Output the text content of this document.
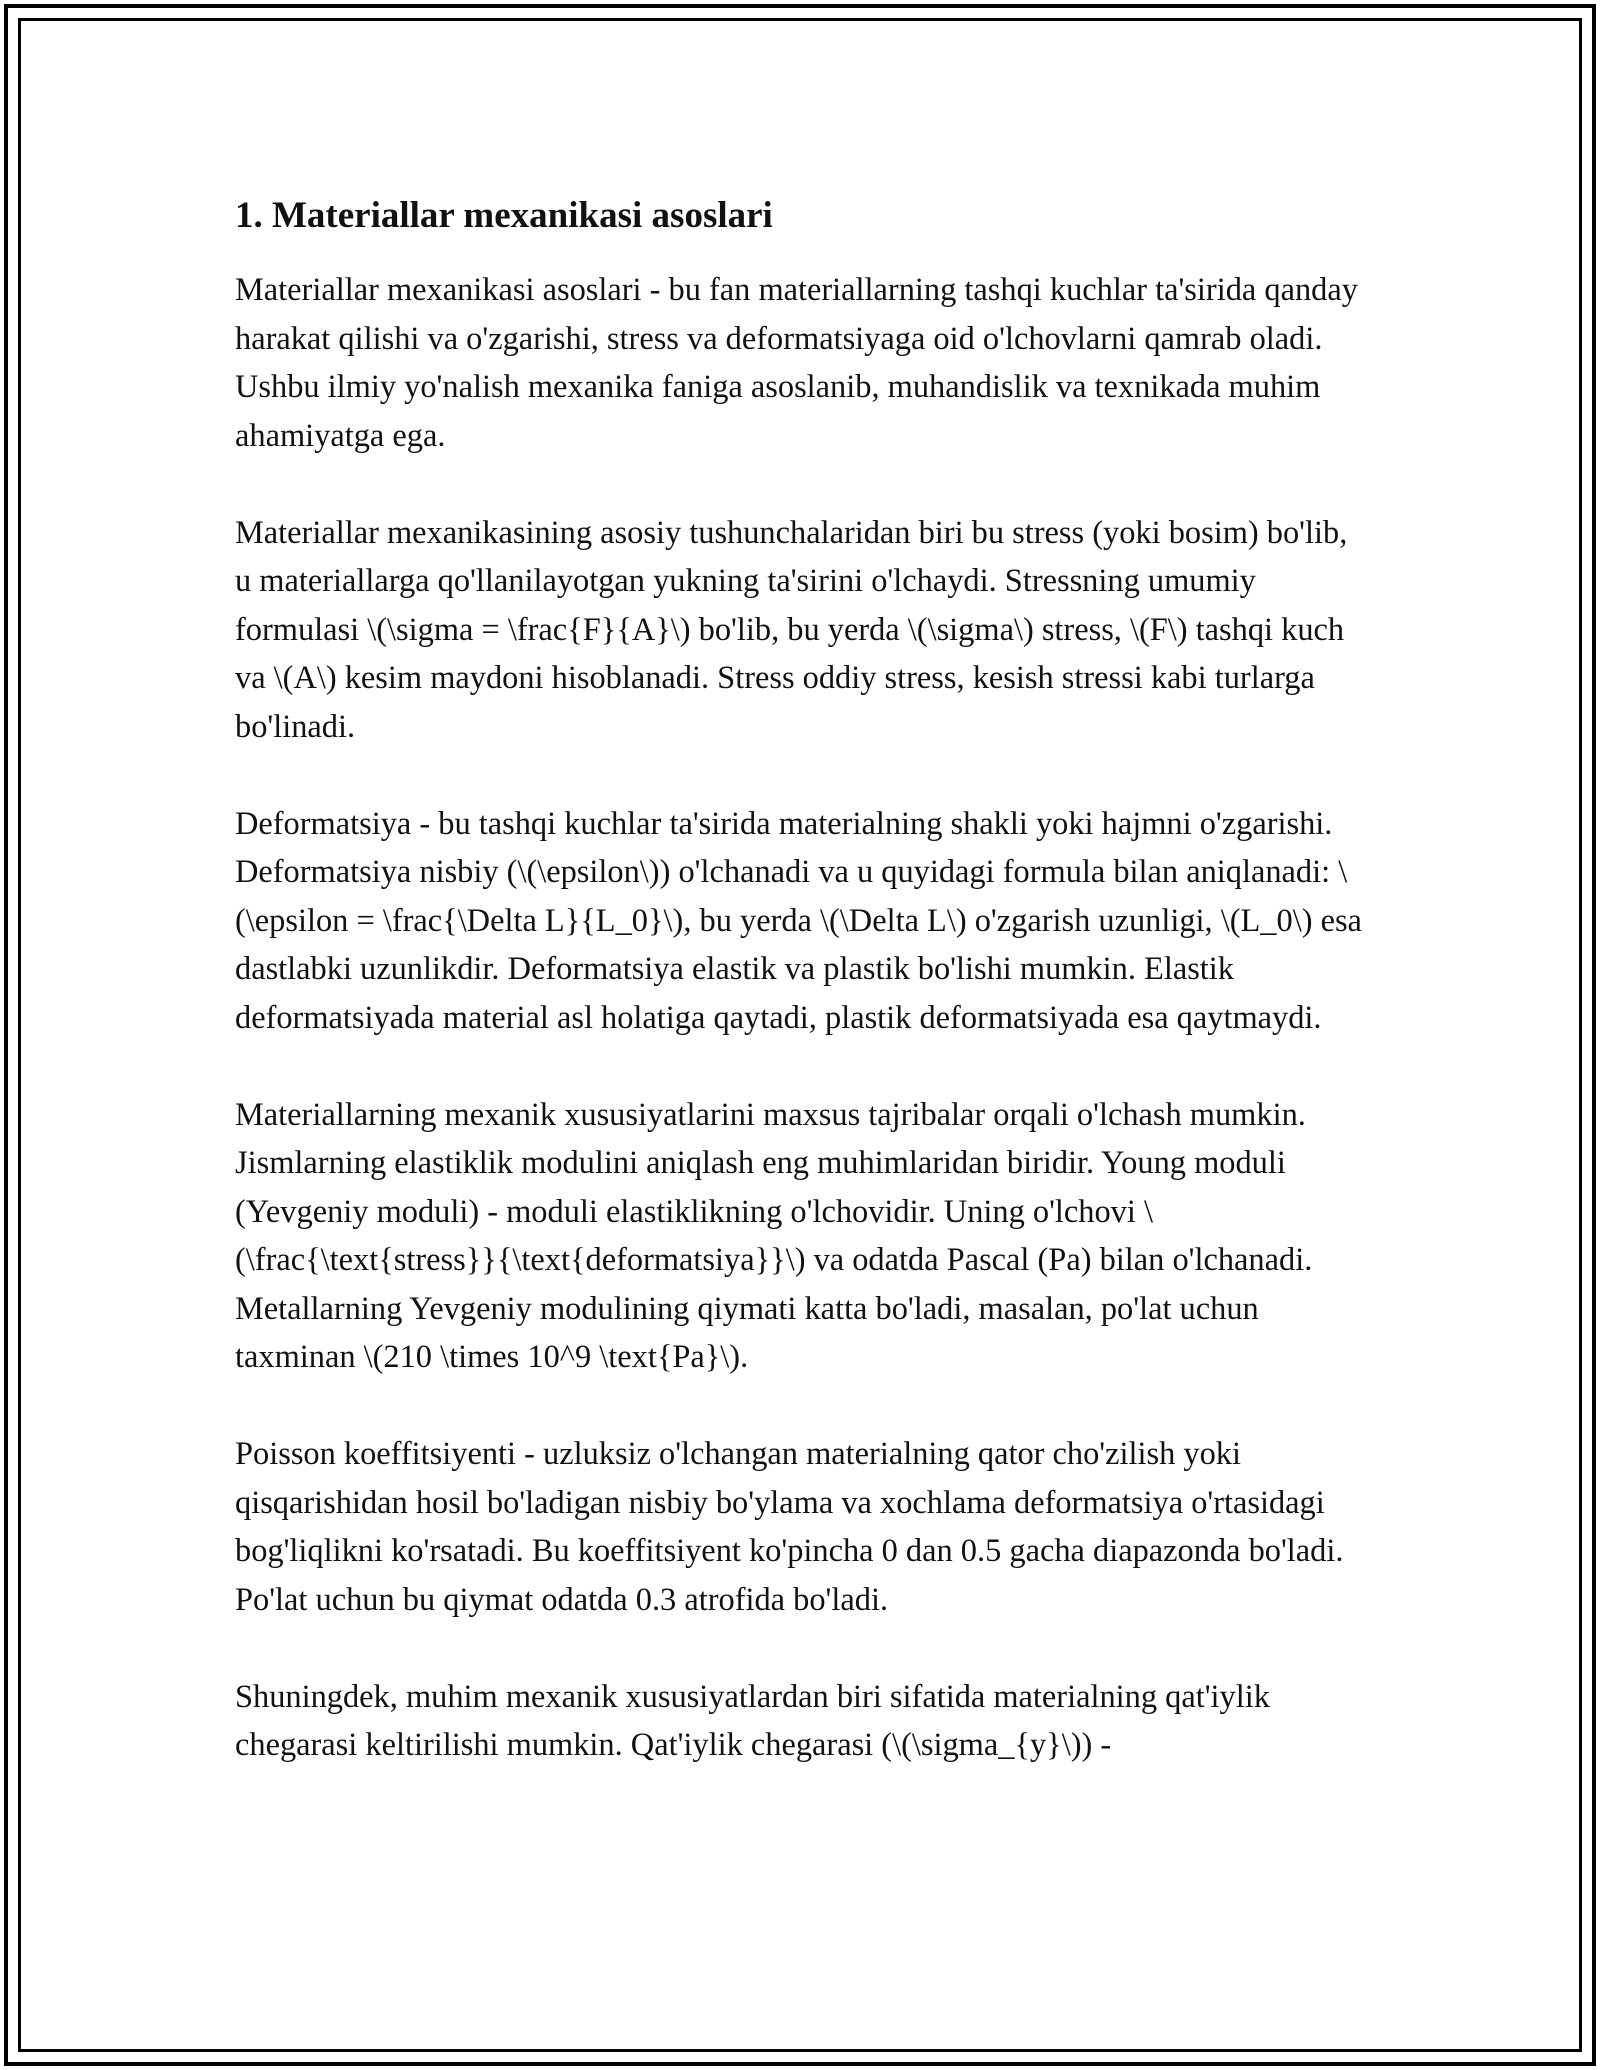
1. Materiallar mexanikasi asoslari

Materiallar mexanikasi asoslari - bu fan materiallarning tashqi kuchlar ta'sirida qanday harakat qilishi va o'zgarishi, stress va deformatsiyaga oid o'lchovlarni qamrab oladi. Ushbu ilmiy yo'nalish mexanika faniga asoslanib, muhandislik va texnikada muhim ahamiyatga ega.

Materiallar mexanikasining asosiy tushunchalaridan biri bu stress (yoki bosim) bo'lib, u materiallarga qo'llanilayotgan yukning ta'sirini o'lchaydi. Stressning umumiy formulasi \(\sigma = \frac{F}{A}\) bo'lib, bu yerda \(\sigma\) stress, \(F\) tashqi kuch va \(A\) kesim maydoni hisoblanadi. Stress oddiy stress, kesish stressi kabi turlarga bo'linadi.

Deformatsiya - bu tashqi kuchlar ta'sirida materialning shakli yoki hajmni o'zgarishi. Deformatsiya nisbiy (\(\epsilon\)) o'lchanadi va u quyidagi formula bilan aniqlanadi: \(\epsilon = \frac{\Delta L}{L_0}\), bu yerda \(\Delta L\) o'zgarish uzunligi, \(L_0\) esa dastlabki uzunlikdir. Deformatsiya elastik va plastik bo'lishi mumkin. Elastik deformatsiyada material asl holatiga qaytadi, plastik deformatsiyada esa qaytmaydi.

Materiallarning mexanik xususiyatlarini maxsus tajribalar orqali o'lchash mumkin. Jismlarning elastiklik modulini aniqlash eng muhimlaridan biridir. Young moduli (Yevgeniy moduli) - moduli elastiklikning o'lchovidir. Uning o'lchovi \(\frac{\text{stress}}{\text{deformatsiya}}\) va odatda Pascal (Pa) bilan o'lchanadi. Metallarning Yevgeniy modulining qiymati katta bo'ladi, masalan, po'lat uchun taxminan \(210 \times 10^9 \text{Pa}\).

Poisson koeffitsiyenti - uzluksiz o'lchangan materialning qator cho'zilish yoki qisqarishidan hosil bo'ladigan nisbiy bo'ylama va xochlama deformatsiya o'rtasidagi bog'liqlikni ko'rsatadi. Bu koeffitsiyent ko'pincha 0 dan 0.5 gacha diapazonda bo'ladi. Po'lat uchun bu qiymat odatda 0.3 atrofida bo'ladi.

Shuningdek, muhim mexanik xususiyatlardan biri sifatida materialning qat'iylik chegarasi keltirilishi mumkin. Qat'iylik chegarasi (\(\sigma_{y}\)) -
